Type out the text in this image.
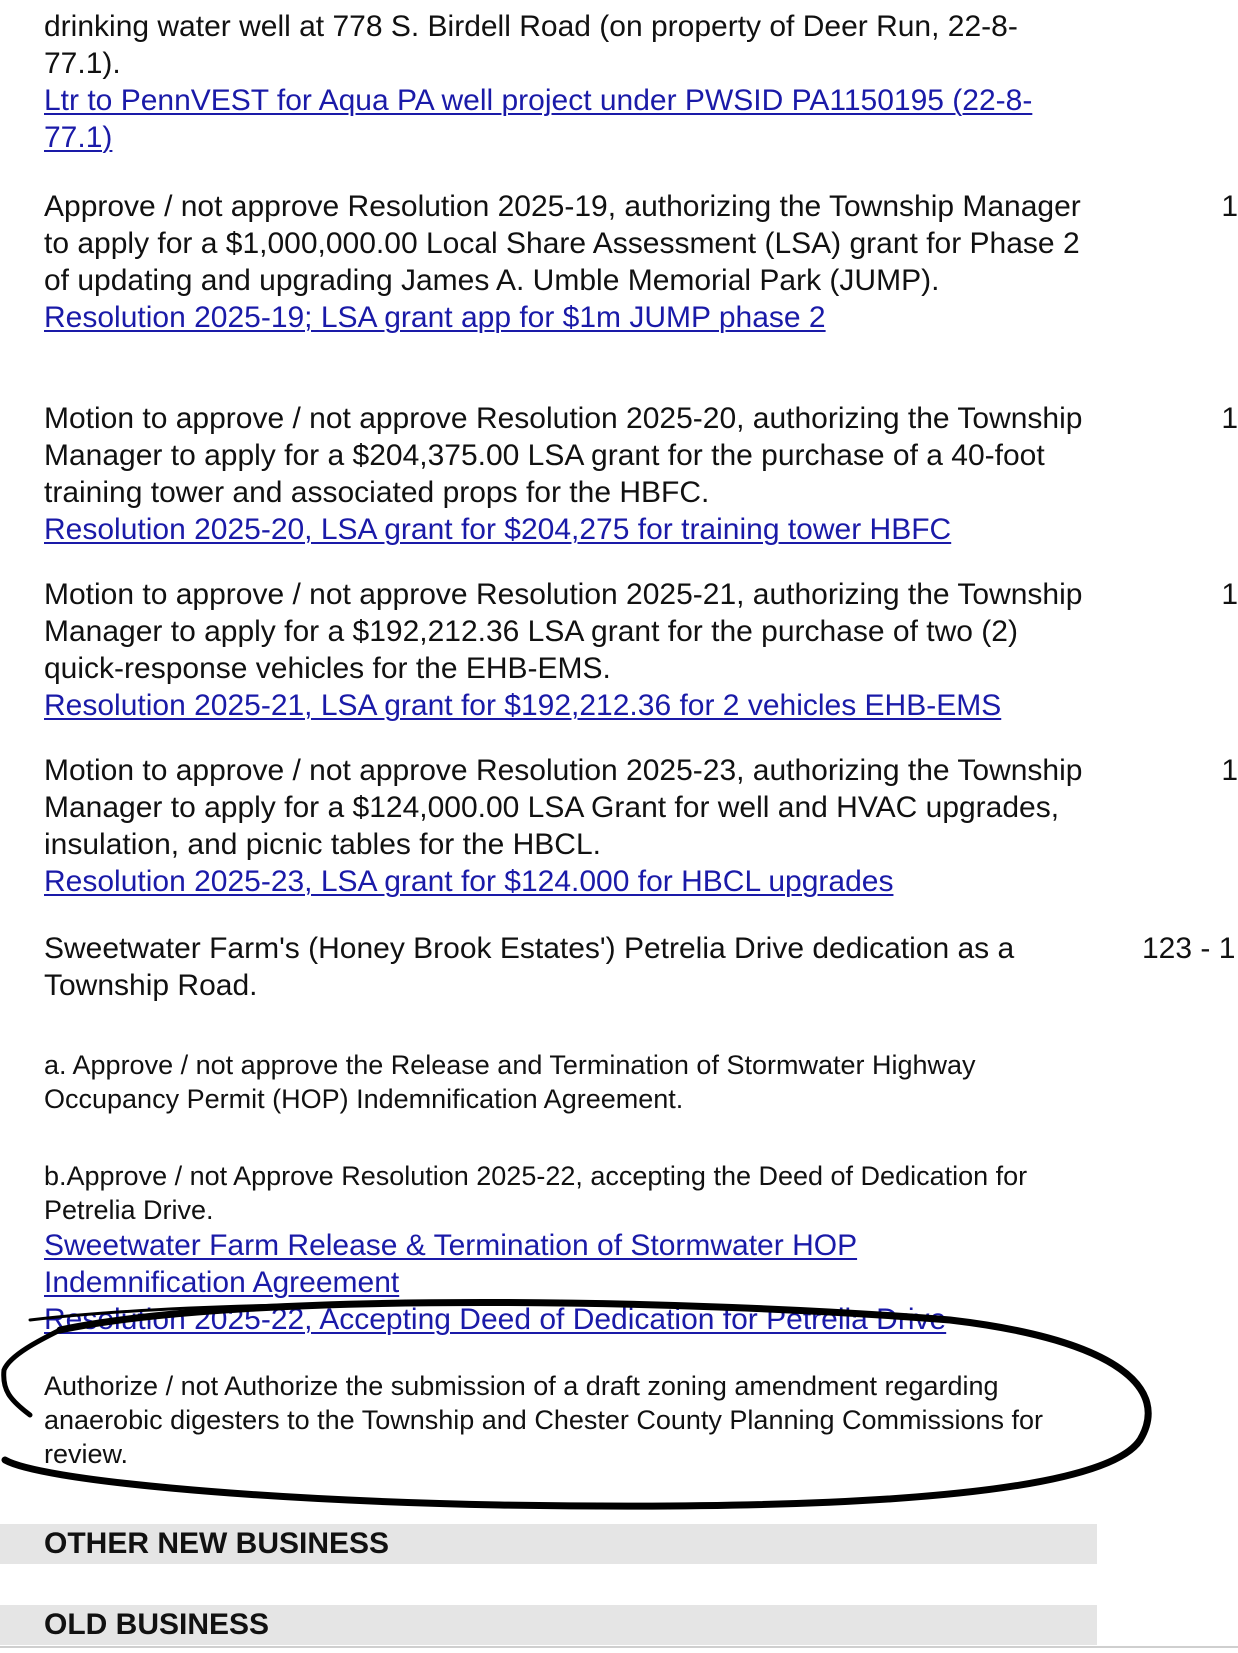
drinking water well at 778 S. Birdell Road (on property of Deer Run, 22-8-77.1).

Ltr to PennVEST for Aqua PA well project under PWSID PA1150195 (22-8-77.1)

Approve / not approve Resolution 2025-19, authorizing the Township Manager to apply for a $1,000,000.00 Local Share Assessment (LSA) grant for Phase 2 of updating and upgrading James A. Umble Memorial Park (JUMP).

Resolution 2025-19; LSA grant app for $1m JUMP phase 2
1

Motion to approve / not approve Resolution 2025-20, authorizing the Township Manager to apply for a $204,375.00 LSA grant for the purchase of a 40-foot training tower and associated props for the HBFC.

Resolution 2025-20, LSA grant for $204,275 for training tower HBFC
1

Motion to approve / not approve Resolution 2025-21, authorizing the Township Manager to apply for a $192,212.36 LSA grant for the purchase of two (2) quick-response vehicles for the EHB-EMS.

Resolution 2025-21, LSA grant for $192,212.36 for 2 vehicles EHB-EMS
1

Motion to approve / not approve Resolution 2025-23, authorizing the Township Manager to apply for a $124,000.00 LSA Grant for well and HVAC upgrades, insulation, and picnic tables for the HBCL.

Resolution 2025-23, LSA grant for $124.000 for HBCL upgrades
1

Sweetwater Farm's (Honey Brook Estates') Petrelia Drive dedication as a Township Road.

123 - 1

a. Approve / not approve the Release and Termination of Stormwater Highway Occupancy Permit (HOP) Indemnification Agreement.

b.Approve / not Approve Resolution 2025-22, accepting the Deed of Dedication for Petrelia Drive.

Sweetwater Farm Release & Termination of Stormwater HOP Indemnification Agreement
Resolution 2025-22, Accepting Deed of Dedication for Petrelia Drive

Authorize / not Authorize the submission of a draft zoning amendment regarding anaerobic digesters to the Township and Chester County Planning Commissions for review.

OTHER NEW BUSINESS
OLD BUSINESS
